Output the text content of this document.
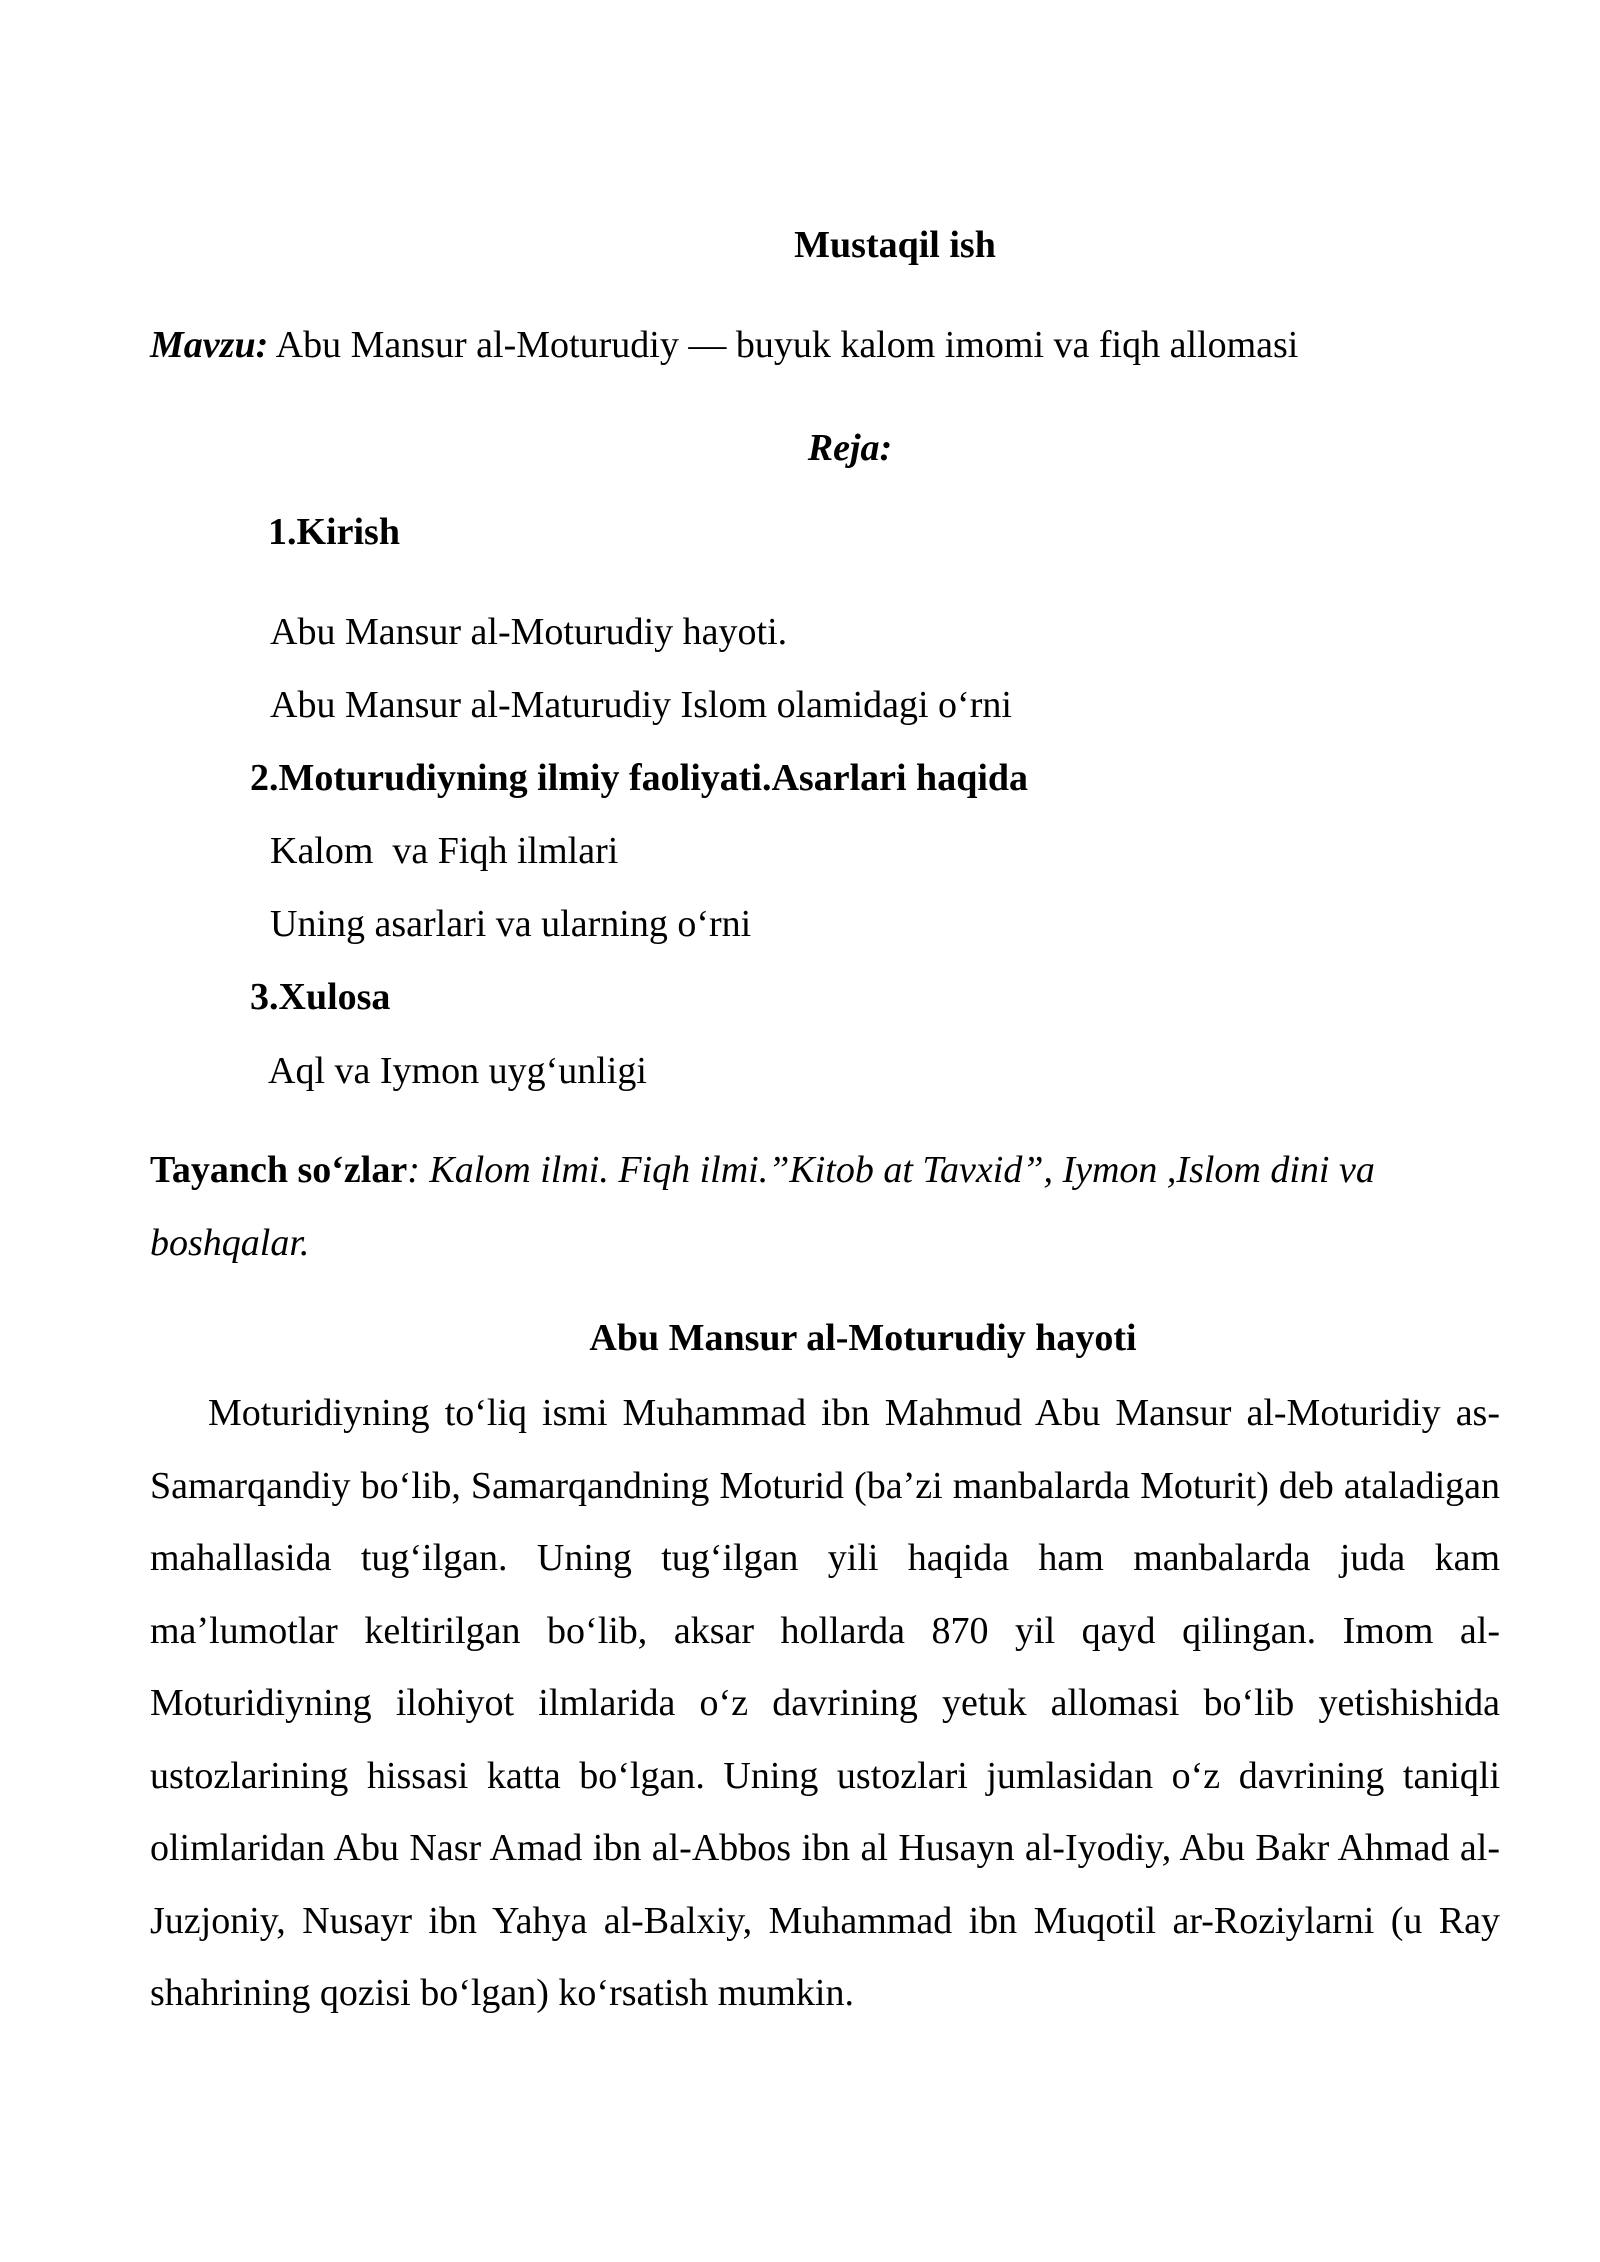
Mustaqil ish

Mavzu: Abu Mansur al-Moturudiy — buyuk kalom imomi va fiqh allomasi

Reja:

1.Kirish

Abu Mansur al-Moturudiy hayoti.

Abu Mansur al-Maturudiy Islom olamidagi oʻrni

2.Moturudiyning ilmiy faoliyati.Asarlari haqida

Kalom  va Fiqh ilmlari

Uning asarlari va ularning oʻrni

3.Xulosa

Aql va Iymon uygʻunligi

Tayanch soʻzlar: Kalom ilmi. Fiqh ilmi.”Kitob at Tavxid”, Iymon ,Islom dini va boshqalar.

Abu Mansur al-Moturudiy hayoti

Moturidiyning toʻliq ismi Muhammad ibn Mahmud Abu Mansur al-Moturidiy as-Samarqandiy boʻlib, Samarqandning Moturid (baʼzi manbalarda Moturit) deb ataladigan mahallasida tugʻilgan. Uning tugʻilgan yili haqida ham manbalarda juda kam maʼlumotlar keltirilgan boʻlib, aksar hollarda 870 yil qayd qilingan. Imom al-Moturidiyning ilohiyot ilmlarida oʻz davrining yetuk allomasi boʻlib yetishishida ustozlarining hissasi katta boʻlgan. Uning ustozlari jumlasidan oʻz davrining taniqli olimlaridan Abu Nasr Amad ibn al-Abbos ibn al Husayn al-Iyodiy, Abu Bakr Ahmad al-Juzjoniy, Nusayr ibn Yahya al-Balxiy, Muhammad ibn Muqotil ar-Roziylarni (u Ray shahrining qozisi boʻlgan) koʻrsatish mumkin.
